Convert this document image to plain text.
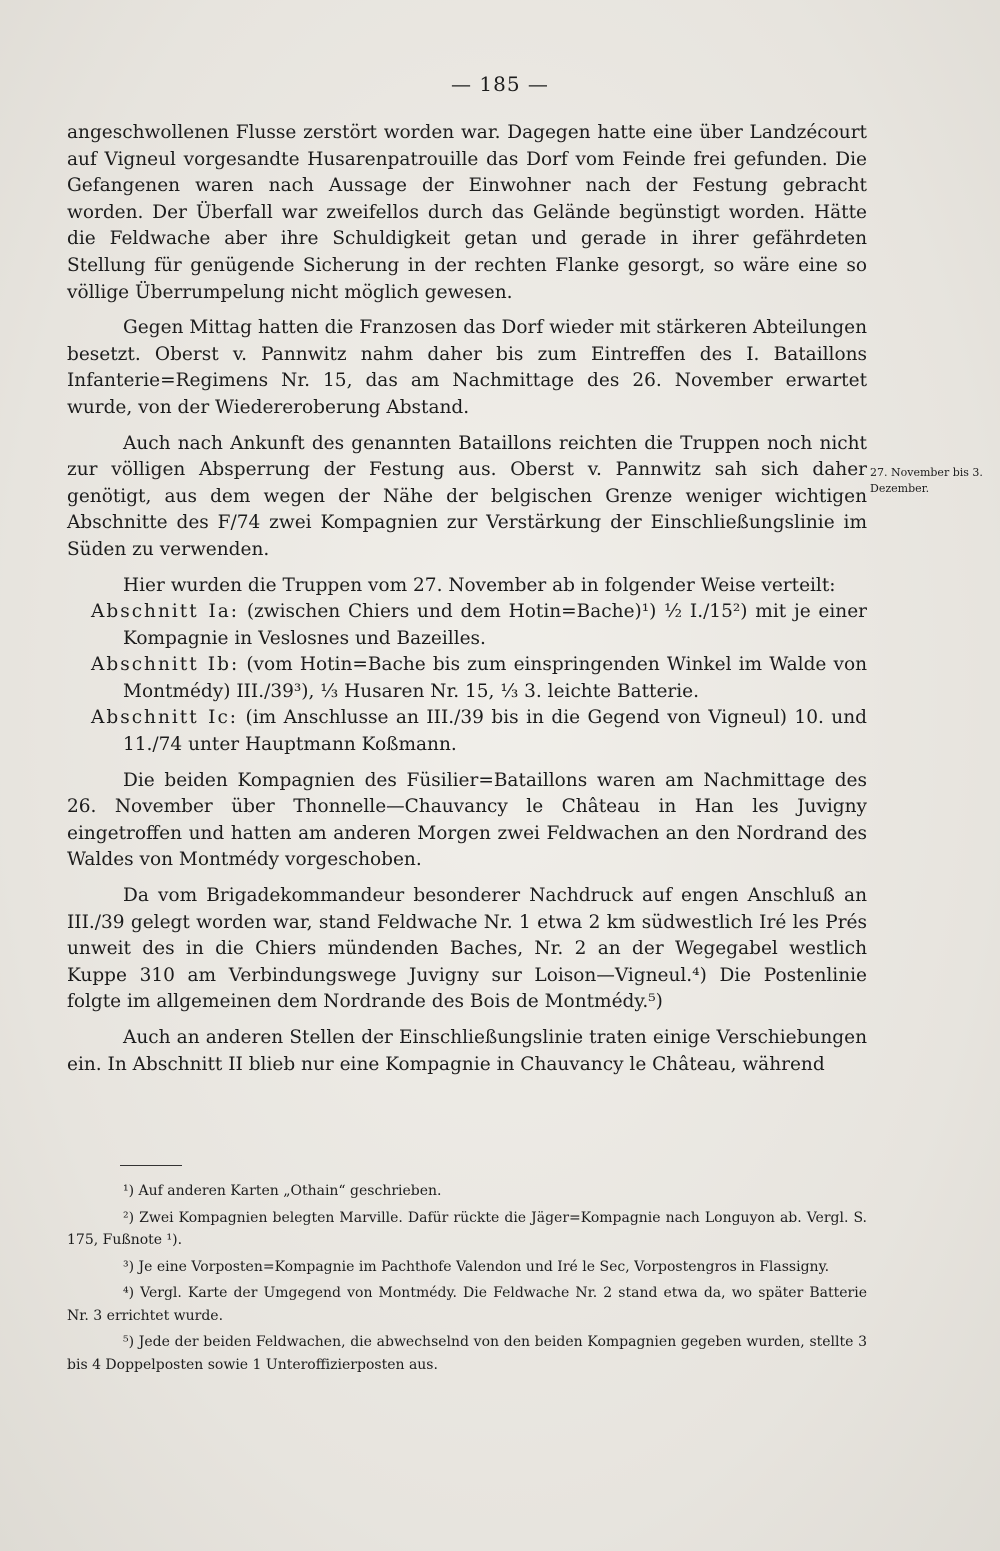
— 185 —

angeschwollenen Flusse zerstört worden war. Dagegen hatte eine über Landzécourt auf Vigneul vorgesandte Husarenpatrouille das Dorf vom Feinde frei gefunden. Die Gefangenen waren nach Aussage der Einwohner nach der Festung gebracht worden. Der Überfall war zweifellos durch das Gelände begünstigt worden. Hätte die Feldwache aber ihre Schuldigkeit getan und gerade in ihrer gefährdeten Stellung für genügende Sicherung in der rechten Flanke gesorgt, so wäre eine so völlige Überrumpelung nicht möglich gewesen.

Gegen Mittag hatten die Franzosen das Dorf wieder mit stärkeren Abteilungen besetzt. Oberst v. Pannwitz nahm daher bis zum Eintreffen des I. Bataillons Infanterie=Regimens Nr. 15, das am Nachmittage des 26. November erwartet wurde, von der Wiedereroberung Abstand.

Auch nach Ankunft des genannten Bataillons reichten die Truppen noch nicht zur völligen Absperrung der Festung aus. Oberst v. Pannwitz sah sich daher genötigt, aus dem wegen der Nähe der belgischen Grenze weniger wichtigen Abschnitte des F/74 zwei Kompagnien zur Verstärkung der Einschließungslinie im Süden zu verwenden.

Hier wurden die Truppen vom 27. November ab in folgender Weise verteilt:

Abschnitt Ia: (zwischen Chiers und dem Hotin=Bache)¹) ½ I./15²) mit je einer Kompagnie in Veslosnes und Bazeilles.

Abschnitt Ib: (vom Hotin=Bache bis zum einspringenden Winkel im Walde von Montmédy) III./39³), ⅓ Husaren Nr. 15, ⅓ 3. leichte Batterie.

Abschnitt Ic: (im Anschlusse an III./39 bis in die Gegend von Vigneul) 10. und 11./74 unter Hauptmann Koßmann.

Die beiden Kompagnien des Füsilier=Bataillons waren am Nachmittage des 26. November über Thonnelle—Chauvancy le Château in Han les Juvigny eingetroffen und hatten am anderen Morgen zwei Feldwachen an den Nordrand des Waldes von Montmédy vorgeschoben.

Da vom Brigadekommandeur besonderer Nachdruck auf engen Anschluß an III./39 gelegt worden war, stand Feldwache Nr. 1 etwa 2 km südwestlich Iré les Prés unweit des in die Chiers mündenden Baches, Nr. 2 an der Wegegabel westlich Kuppe 310 am Verbindungswege Juvigny sur Loison—Vigneul.⁴) Die Postenlinie folgte im allgemeinen dem Nordrande des Bois de Montmédy.⁵)

Auch an anderen Stellen der Einschließungslinie traten einige Verschiebungen ein. In Abschnitt II blieb nur eine Kompagnie in Chauvancy le Château, während

27. November bis 3. Dezember.

¹) Auf anderen Karten „Othain“ geschrieben.

²) Zwei Kompagnien belegten Marville. Dafür rückte die Jäger=Kompagnie nach Longuyon ab. Vergl. S. 175, Fußnote ¹).

³) Je eine Vorposten=Kompagnie im Pachthofe Valendon und Iré le Sec, Vorpostengros in Flassigny.

⁴) Vergl. Karte der Umgegend von Montmédy. Die Feldwache Nr. 2 stand etwa da, wo später Batterie Nr. 3 errichtet wurde.

⁵) Jede der beiden Feldwachen, die abwechselnd von den beiden Kompagnien gegeben wurden, stellte 3 bis 4 Doppelposten sowie 1 Unteroffizierposten aus.
